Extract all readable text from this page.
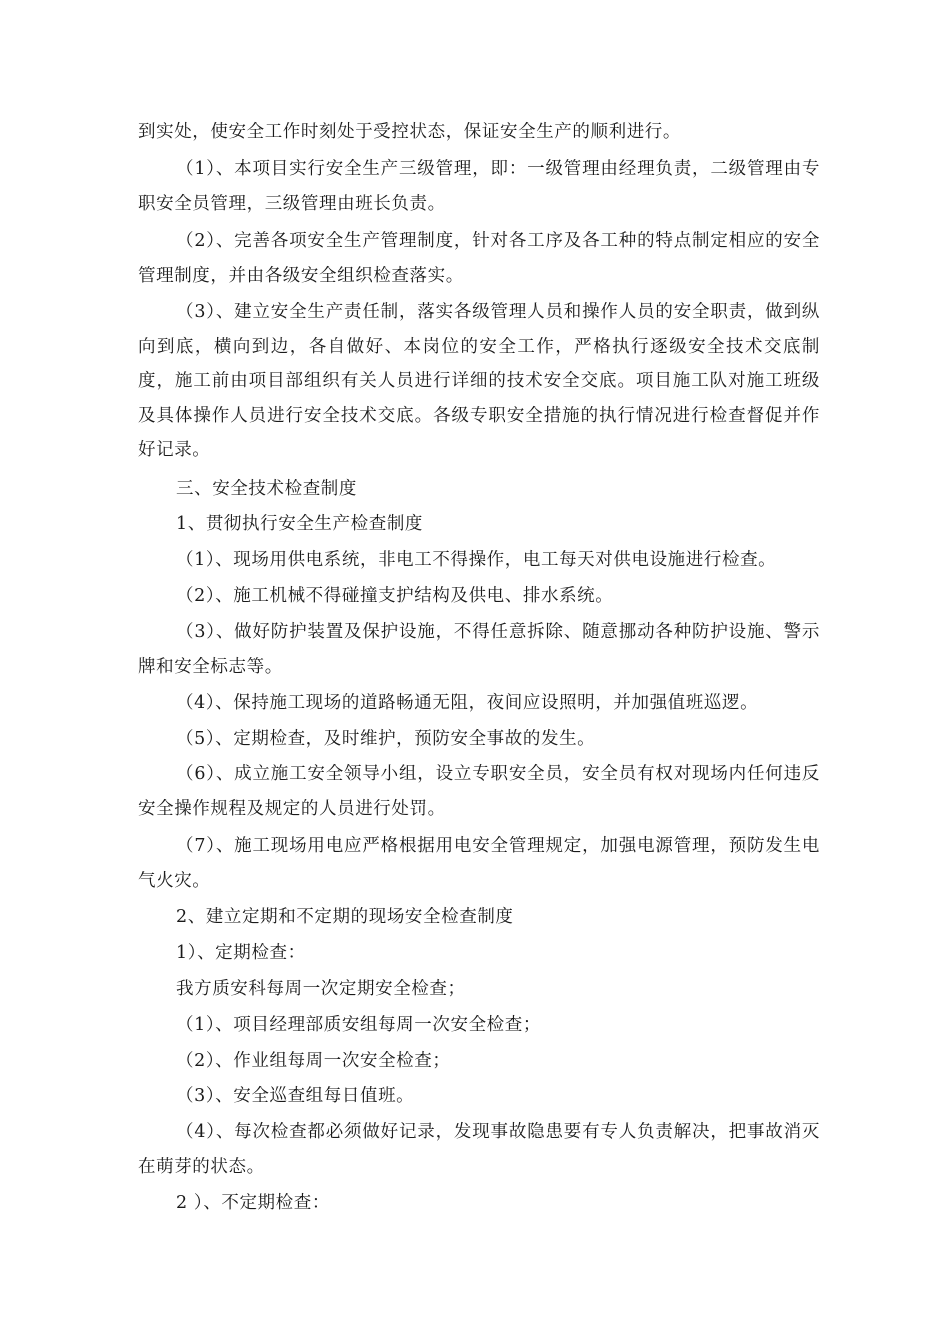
到实处，使安全工作时刻处于受控状态，保证安全生产的顺利进行。

（1）、本项目实行安全生产三级管理，即：一级管理由经理负责，二级管理由专职安全员管理，三级管理由班长负责。

（2）、完善各项安全生产管理制度，针对各工序及各工种的特点制定相应的安全管理制度，并由各级安全组织检查落实。

（3）、建立安全生产责任制，落实各级管理人员和操作人员的安全职责，做到纵向到底，横向到边，各自做好、本岗位的安全工作，严格执行逐级安全技术交底制度，施工前由项目部组织有关人员进行详细的技术安全交底。项目施工队对施工班级及具体操作人员进行安全技术交底。各级专职安全措施的执行情况进行检查督促并作好记录。

三、安全技术检查制度

1、贯彻执行安全生产检查制度

（1）、现场用供电系统，非电工不得操作，电工每天对供电设施进行检查。

（2）、施工机械不得碰撞支护结构及供电、排水系统。

（3）、做好防护装置及保护设施，不得任意拆除、随意挪动各种防护设施、警示牌和安全标志等。

（4）、保持施工现场的道路畅通无阻，夜间应设照明，并加强值班巡逻。

（5）、定期检查，及时维护，预防安全事故的发生。

（6）、成立施工安全领导小组，设立专职安全员，安全员有权对现场内任何违反安全操作规程及规定的人员进行处罚。

（7）、施工现场用电应严格根据用电安全管理规定，加强电源管理，预防发生电气火灾。

2、建立定期和不定期的现场安全检查制度

1）、定期检查：

我方质安科每周一次定期安全检查；

（1）、项目经理部质安组每周一次安全检查；

（2）、作业组每周一次安全检查；

（3）、安全巡查组每日值班。

（4）、每次检查都必须做好记录，发现事故隐患要有专人负责解决，把事故消灭在萌芽的状态。

2 ）、不定期检查：
